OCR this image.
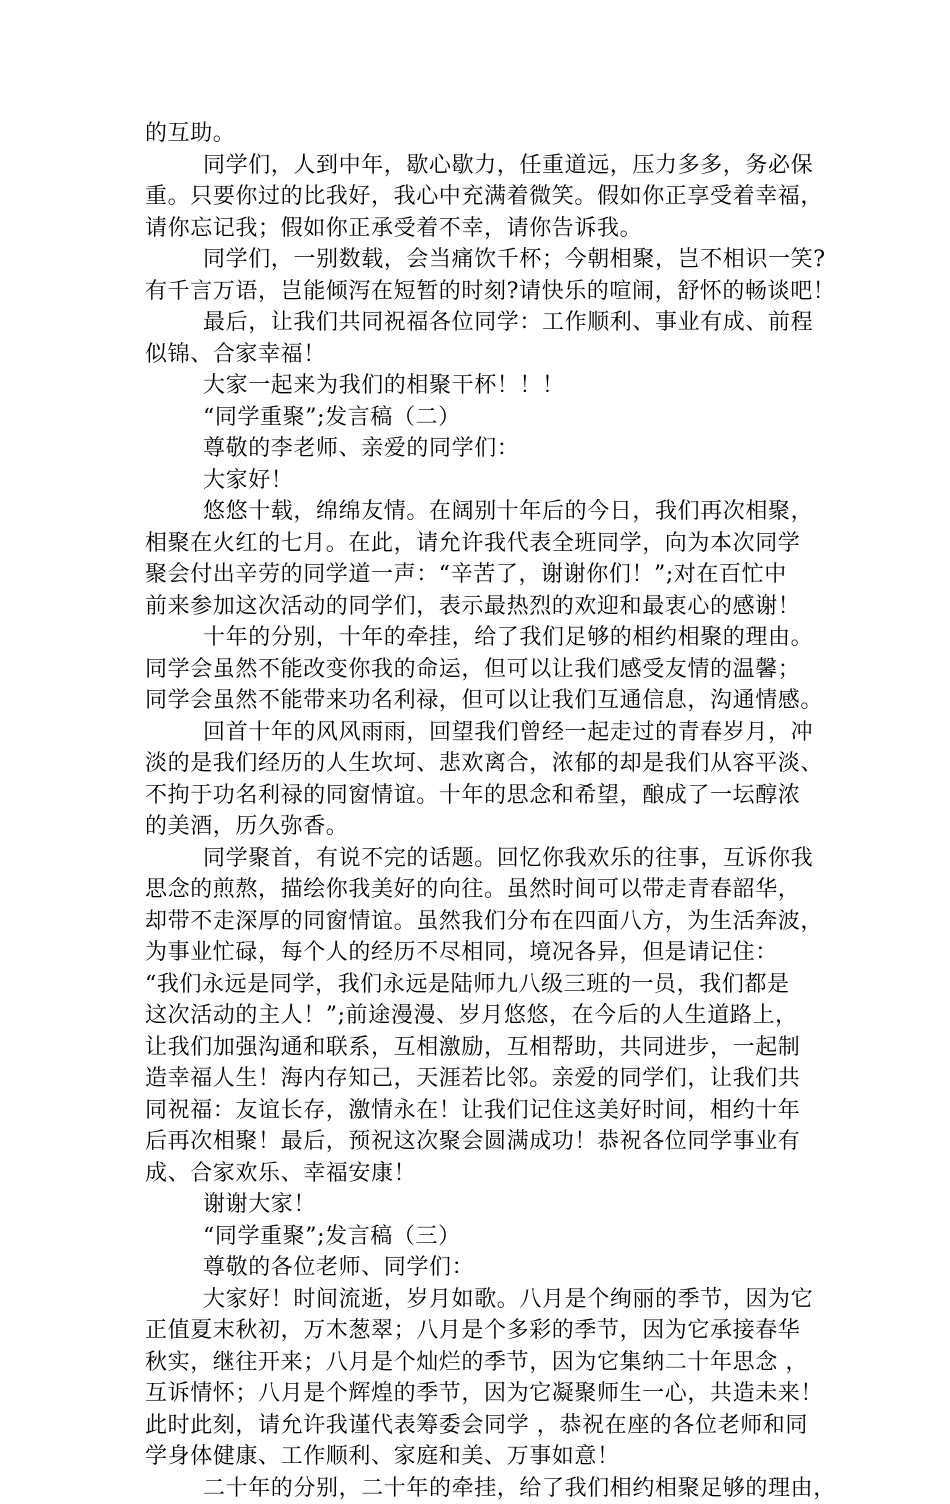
的互助。
同学们，人到中年，歇心歇力，任重道远，压力多多，务必保
重。只要你过的比我好，我心中充满着微笑。假如你正享受着幸福，
请你忘记我；假如你正承受着不幸，请你告诉我。
同学们，一别数载，会当痛饮千杯；今朝相聚，岂不相识一笑?
有千言万语，岂能倾泻在短暂的时刻?请快乐的喧闹，舒怀的畅谈吧！
最后，让我们共同祝福各位同学：工作顺利、事业有成、前程
似锦、合家幸福！
大家一起来为我们的相聚干杯！！！
“同学重聚”;发言稿（二）
尊敬的李老师、亲爱的同学们：
大家好！
悠悠十载，绵绵友情。在阔别十年后的今日，我们再次相聚，
相聚在火红的七月。在此，请允许我代表全班同学，向为本次同学
聚会付出辛劳的同学道一声：“辛苦了，谢谢你们！”;对在百忙中
前来参加这次活动的同学们，表示最热烈的欢迎和最衷心的感谢！
十年的分别，十年的牵挂，给了我们足够的相约相聚的理由。
同学会虽然不能改变你我的命运，但可以让我们感受友情的温馨；
同学会虽然不能带来功名利禄，但可以让我们互通信息，沟通情感。
回首十年的风风雨雨，回望我们曾经一起走过的青春岁月，冲
淡的是我们经历的人生坎坷、悲欢离合，浓郁的却是我们从容平淡、
不拘于功名利禄的同窗情谊。十年的思念和希望，酿成了一坛醇浓
的美酒，历久弥香。
同学聚首，有说不完的话题。回忆你我欢乐的往事，互诉你我
思念的煎熬，描绘你我美好的向往。虽然时间可以带走青春韶华，
却带不走深厚的同窗情谊。虽然我们分布在四面八方，为生活奔波，
为事业忙碌，每个人的经历不尽相同，境况各异，但是请记住：
“我们永远是同学，我们永远是陆师九八级三班的一员，我们都是
这次活动的主人！”;前途漫漫、岁月悠悠，在今后的人生道路上，
让我们加强沟通和联系，互相激励，互相帮助，共同进步，一起制
造幸福人生！海内存知己，天涯若比邻。亲爱的同学们，让我们共
同祝福：友谊长存，激情永在！让我们记住这美好时间，相约十年
后再次相聚！最后，预祝这次聚会圆满成功！恭祝各位同学事业有
成、合家欢乐、幸福安康！
谢谢大家！
“同学重聚”;发言稿（三）
尊敬的各位老师、同学们：
大家好！时间流逝，岁月如歌。八月是个绚丽的季节，因为它
正值夏末秋初，万木葱翠；八月是个多彩的季节，因为它承接春华
秋实，继往开来；八月是个灿烂的季节，因为它集纳二十年思念 ，
互诉情怀；八月是个辉煌的季节，因为它凝聚师生一心，共造未来！
此时此刻，请允许我谨代表筹委会同学 ，恭祝在座的各位老师和同
学身体健康、工作顺利、家庭和美、万事如意！
二十年的分别，二十年的牵挂，给了我们相约相聚足够的理由，
